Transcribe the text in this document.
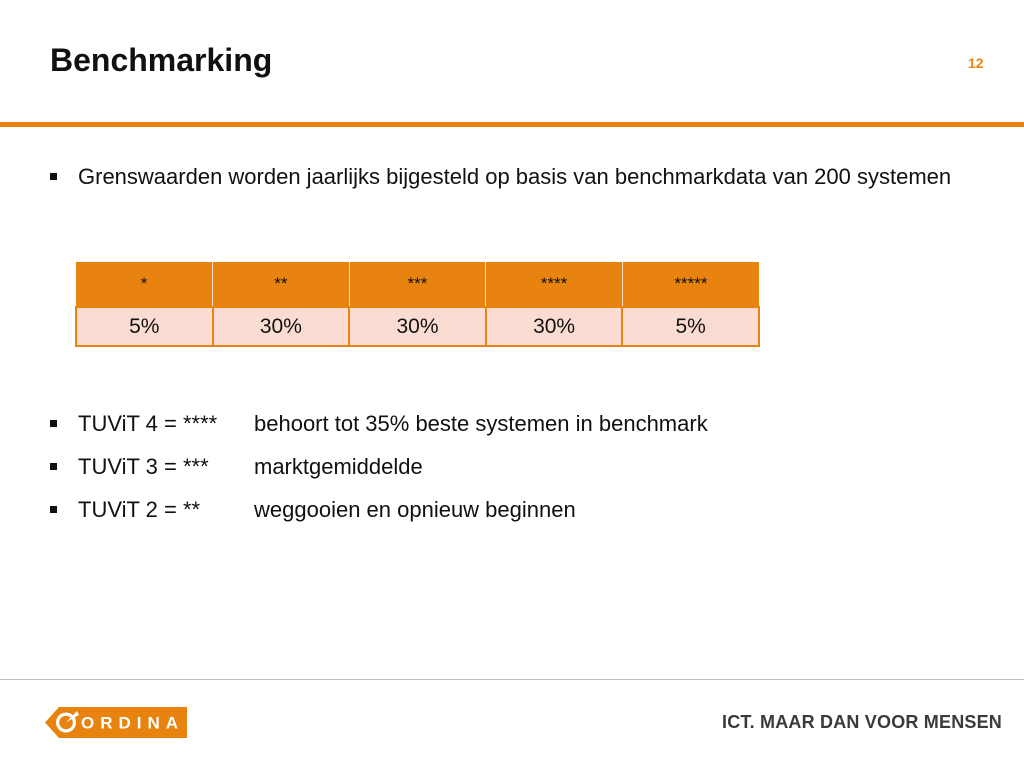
Benchmarking	12
Grenswaarden worden jaarlijks bijgesteld op basis van benchmarkdata van 200 systemen
*	**	***	****	*****
5%	30%	30%	30%	5%
TUViT 4 = **** behoort tot 35% beste systemen in benchmark
TUViT 3 = *** marktgemiddelde
TUViT 2 = ** weggooien en opnieuw beginnen
ORDINA	ICT. MAAR DAN VOOR MENSEN
